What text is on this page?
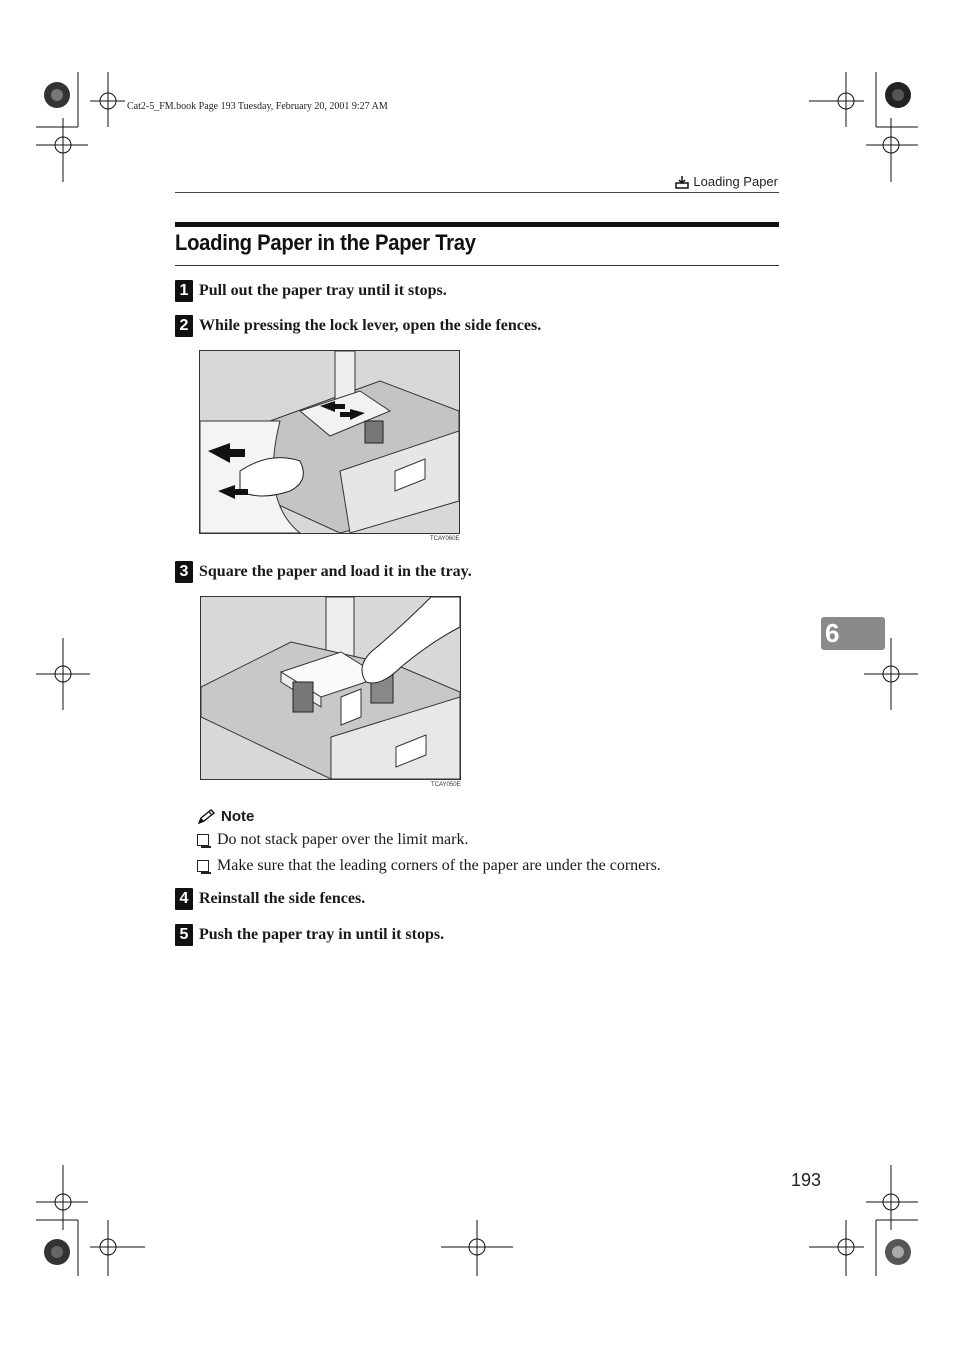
Cat2-5_FM.book Page 193 Tuesday, February 20, 2001 9:27 AM
Loading Paper
Loading Paper in the Paper Tray
1 Pull out the paper tray until it stops.
2 While pressing the lock lever, open the side fences.
TCAY060E
3 Square the paper and load it in the tray.
TCAY050E
Note
Do not stack paper over the limit mark.
Make sure that the leading corners of the paper are under the corners.
4 Reinstall the side fences.
5 Push the paper tray in until it stops.
6
193
